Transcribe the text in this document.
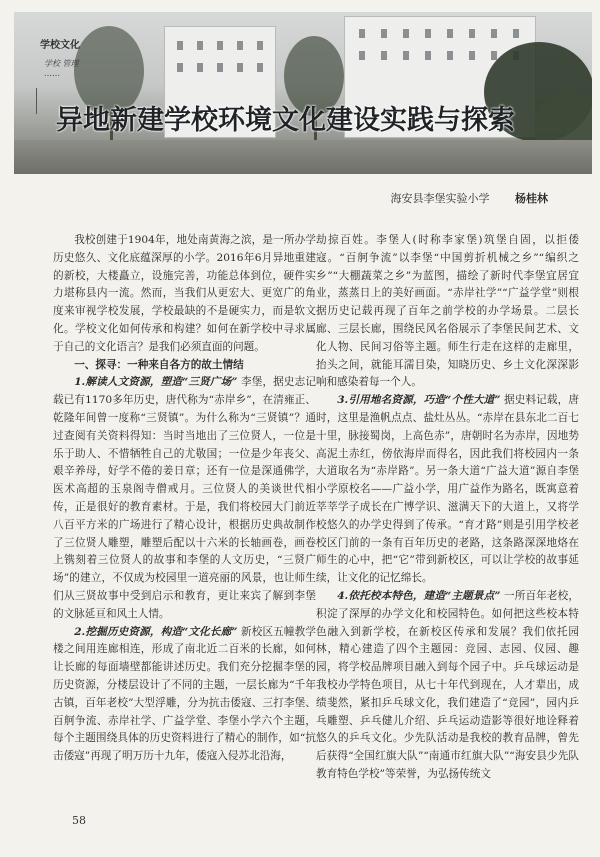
学校文化
学校 管理 ……
异地新建学校环境文化建设实践与探索
海安县李堡实验小学 杨桂林

我校创建于1904年，地处南黄海之滨，是一所办学历史悠久、文化底蕴深厚的小学。2016年6月异地重建的新校，大楼矗立，设施完善，功能总体到位，硬件实力堪称县内一流。然而，当我们从更宏大、更宽广的角度来审视学校发展，学校最缺的不是硬实力，而是软文化。学校文化如何传承和构建？如何在新学校中寻求属于自己的文化语言？是我们必须直面的问题。

一、探寻：一种来自各方的故土情结

1.解读人文资源，塑造“三贤广场” 李堡，据史志记载已有1170多年历史，唐代称为“赤岸乡”，在清雍正、乾隆年间曾一度称“三贤镇”。为什么称为“三贤镇”？通过查阅有关资料得知：当时当地出了三位贤人，一位是乐于助人、不惜牺牲自己的尤敬国；一位是少年丧父、艰辛养母，好学不倦的姜日章；还有一位是深通佛学，医术高超的玉泉阁寺僧戒月。三位贤人的美谈世代相传，正是很好的教育素材。于是，我们将校园大门前近八百平方米的广场进行了精心设计，根据历史典故制作了三位贤人雕塑，雕塑后配以十六米的长轴画卷，画卷上镌刻着三位贤人的故事和李堡的人文历史，“三贤广场”的建立，不仅成为校园里一道亮丽的风景，也让师生们从三贤故事中受到启示和教育，更让来宾了解到李堡的文脉延亘和风土人情。

2.挖掘历史资源，构造“文化长廊” 新校区五幢教学楼之间用连廊相连，形成了南北近二百米的长廊，如何让长廊的每面墙壁都能讲述历史。我们充分挖掘李堡的历史资源，分楼层设计了不同的主题，一层长廊为“千年古镇，百年老校”大型浮雕，分为抗击倭寇、三打李堡、百舸争流、赤岸社学、广益学堂、李堡小学六个主题，每个主题围绕具体的历史资料进行了精心的制作，如“抗击倭寇”再现了明万历十九年，倭寇入侵苏北沿海，

劫掠百姓。李堡人(时称李家堡)筑堡自固，以拒倭寇。“百舸争流”以李堡“中国剪折机械之乡”“编织之乡”“大棚蔬菜之乡”为蓝图，描绘了新时代李堡宜居宜业，蒸蒸日上的美好画面。“赤岸社学”“广益学堂”则根据历史记载再现了百年之前学校的办学场景。二层长廊、三层长廊，围绕民风名俗展示了李堡民间艺术、文化人物、民间习俗等主题。师生行走在这样的走廊里，抬头之间，就能耳濡目染，知晓历史、乡土文化深深影响和感染着每一个人。

3.引用地名资源，巧造“个性大道” 据史料记载，唐时，这里是渔帆点点、盐灶丛丛。“赤岸在县东北二百七十里，脉接蜀岗，上高色赤”，唐朝时名为赤岸，因地势高泥土赤红，傍依海岸而得名，因此我们将校园内一条大道取名为“赤岸路”。另一条大道“广益大道”源自李堡小学原校名——广益小学，用广益作为路名，既寓意着莘莘学子成长在广博学识、滋满天下的大道上，又将学校悠久的办学史得到了传承。“育才路”则是引用学校老校区门前的一条有百年历史的老路，这条路深深地烙在师生的心中，把“它”带到新校区，可以让学校的故事延续，让文化的记忆绵长。

4.依托校本特色，建造“主题景点” 一所百年老校，积淀了深厚的办学文化和校园特色。如何把这些校本特色融入到新学校，在新校区传承和发展？我们依托园林，精心建造了四个主题园：竞园、志园、仪园、趣园，将学校品牌项目融入到每个园子中。乒乓球运动是我校办学特色项目，从七十年代到现在，人才辈出，成绩斐然，紧扣乒乓球文化，我们建造了“竞园”，园内乒乓雕塑、乒乓健儿介绍、乒乓运动造影等很好地诠释着悠久的乒乓文化。少先队活动是我校的教育品牌，曾先后获得“全国红旗大队”“南通市红旗大队”“海安县少先队教育特色学校”等荣誉，为弘扬传统文

58
